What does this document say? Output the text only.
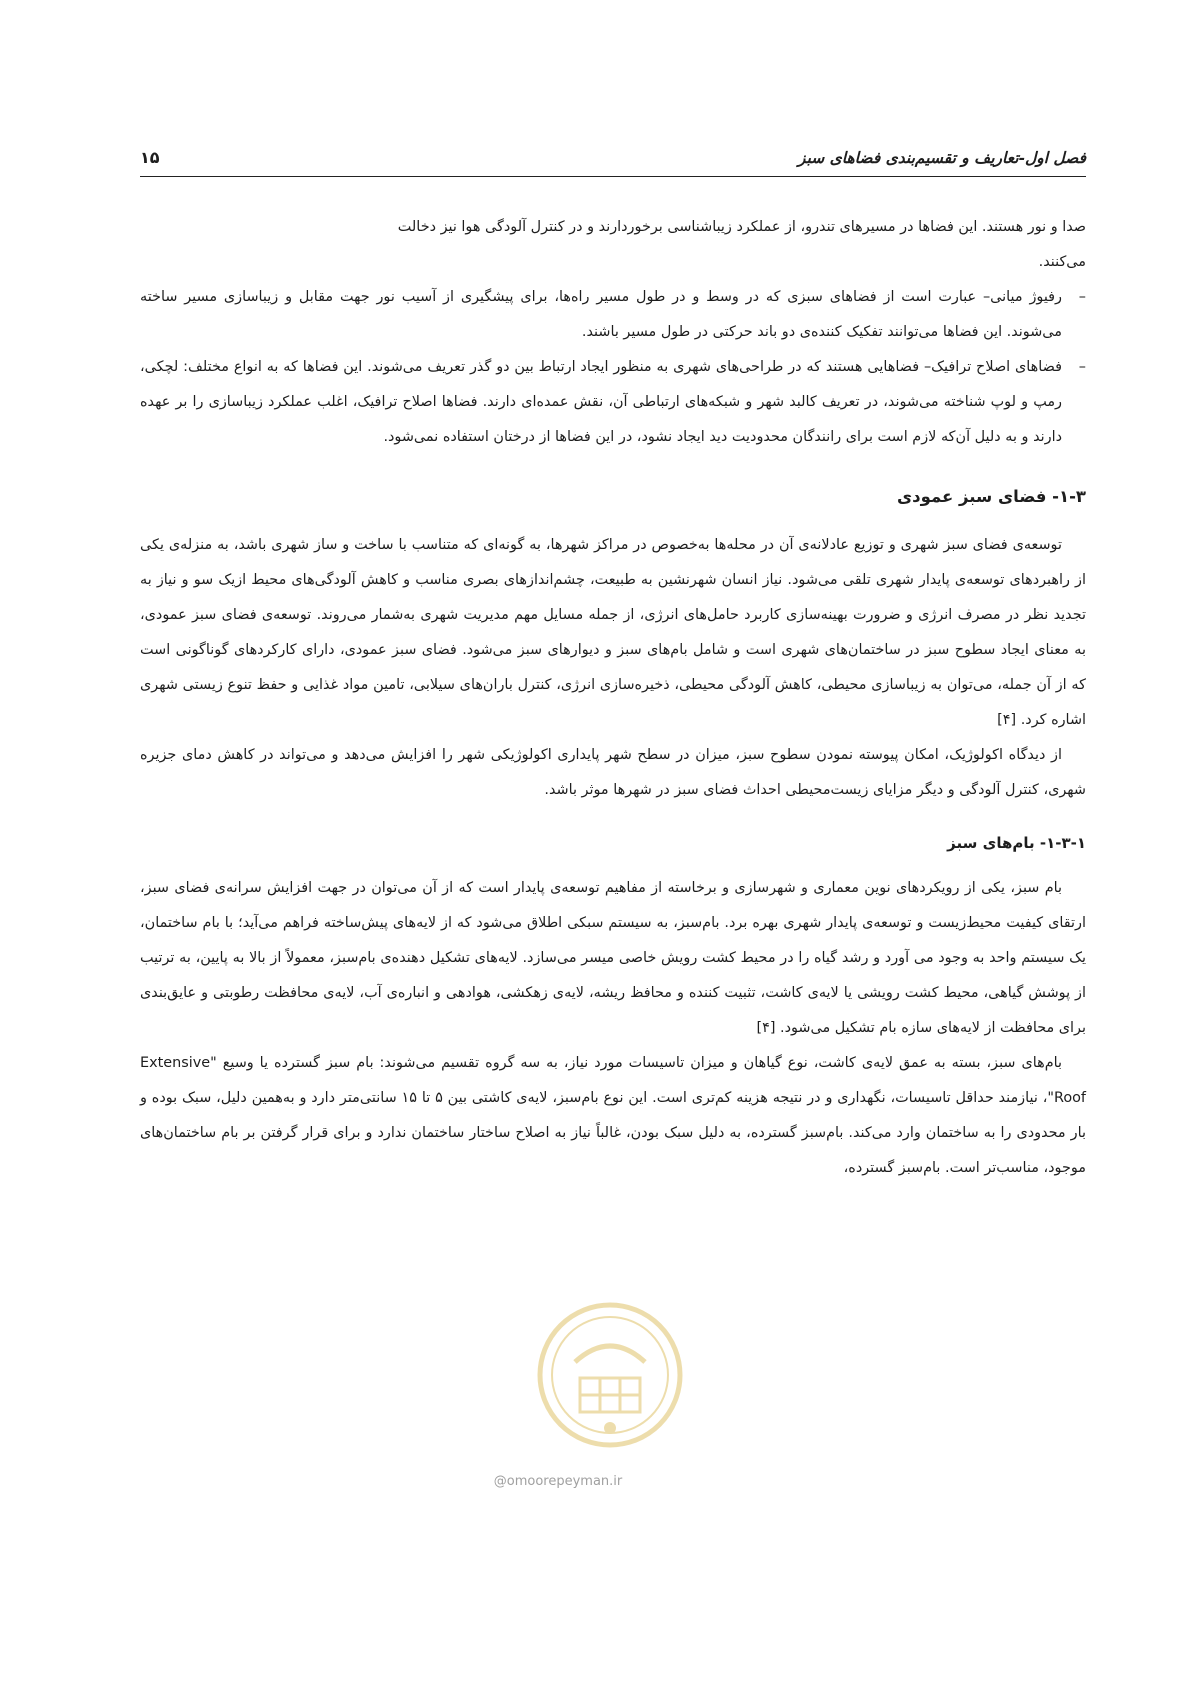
فصل اول-تعاریف و تقسیم‌بندی فضاهای سبز
۱۵

صدا و نور هستند. این فضاها در مسیرهای تندرو، از عملکرد زیباشناسی برخوردارند و در کنترل آلودگی هوا نیز دخالت
می‌کنند.

–
رفیوژ میانی– عبارت است از فضاهای سبزی که در وسط و در طول مسیر راه‌ها، برای پیشگیری از آسیب نور جهت مقابل و زیباسازی مسیر ساخته می‌شوند. این فضاها می‌توانند تفکیک کننده‌ی دو باند حرکتی در طول مسیر باشند.

–
فضاهای اصلاح ترافیک– فضاهایی هستند که در طراحی‌های شهری به منظور ایجاد ارتباط بین دو گذر تعریف می‌شوند. این فضاها که به انواع مختلف: لچکی، رمپ و لوپ شناخته می‌شوند، در تعریف کالبد شهر و شبکه‌های ارتباطی آن، نقش عمده‌ای دارند. فضاها اصلاح ترافیک، اغلب عملکرد زیباسازی را بر عهده دارند و به دلیل آن‌که لازم است برای رانندگان محدودیت دید ایجاد نشود، در این فضاها از درختان استفاده نمی‌شود.

۱-۳- فضای سبز عمودی

توسعه‌ی فضای سبز شهری و توزیع عادلانه‌ی آن در محله‌ها به‌خصوص در مراکز شهرها، به گونه‌ای که متناسب با ساخت و ساز شهری باشد، به منزله‌ی یکی از راهبردهای توسعه‌ی پایدار شهری تلقی می‌شود. نیاز انسان شهرنشین به طبیعت، چشم‌اندازهای بصری مناسب و کاهش آلودگی‌های محیط ازیک سو و نیاز به تجدید نظر در مصرف انرژی و ضرورت بهینه‌سازی کاربرد حامل‌های انرژی، از جمله مسایل مهم مدیریت شهری به‌شمار می‌روند. توسعه‌ی فضای سبز عمودی، به معنای ایجاد سطوح سبز در ساختمان‌های شهری است و شامل بام‌های سبز و دیوارهای سبز می‌شود. فضای سبز عمودی، دارای کارکردهای گوناگونی است که از آن جمله، می‌توان به زیباسازی محیطی، کاهش آلودگی محیطی، ذخیره‌سازی انرژی، کنترل باران‌های سیلابی، تامین مواد غذایی و حفظ تنوع زیستی شهری اشاره کرد. [۴]

از دیدگاه اکولوژیک، امکان پیوسته نمودن سطوح سبز، میزان در سطح شهر پایداری اکولوژیکی شهر را افزایش می‌دهد و می‌تواند در کاهش دمای جزیره شهری، کنترل آلودگی و دیگر مزایای زیست‌محیطی احداث فضای سبز در شهرها موثر باشد.

۱-۳-۱- بام‌های سبز

بام سبز، یکی از رویکردهای نوین معماری و شهرسازی و برخاسته از مفاهیم توسعه‌ی پایدار است که از آن می‌توان در جهت افزایش سرانه‌ی فضای سبز، ارتقای کیفیت محیط‌زیست و توسعه‌ی پایدار شهری بهره برد. بام‌سبز، به سیستم سبکی اطلاق می‌شود که از لایه‌های پیش‌ساخته فراهم می‌آید؛ با بام ساختمان، یک سیستم واحد به وجود می آورد و رشد گیاه را در محیط کشت رویش خاصی میسر می‌سازد. لایه‌های تشکیل دهنده‌ی بام‌سبز، معمولاً از بالا به پایین، به ترتیب از پوشش گیاهی، محیط کشت رویشی یا لایه‌ی کاشت، تثبیت کننده و محافظ ریشه، لایه‌ی زهکشی، هوادهی و انباره‌ی آب، لایه‌ی محافظت رطوبتی و عایق‌بندی برای محافظت از لایه‌های سازه بام تشکیل می‌شود. [۴]

بام‌های سبز، بسته به عمق لایه‌ی کاشت، نوع گیاهان و میزان تاسیسات مورد نیاز، به سه گروه تقسیم می‌شوند: بام سبز گسترده یا وسیع "Extensive Roof"، نیازمند حداقل تاسیسات، نگهداری و در نتیجه هزینه کم‌تری است. این نوع بام‌سبز، لایه‌ی کاشتی بین ۵ تا ۱۵ سانتی‌متر دارد و به‌همین دلیل، سبک بوده و بار محدودی را به ساختمان وارد می‌کند. بام‌سبز گسترده، به دلیل سبک بودن، غالباً نیاز به اصلاح ساختار ساختمان ندارد و برای قرار گرفتن بر بام ساختمان‌های موجود، مناسب‌تر است. بام‌سبز گسترده،

@omoorepeyman.ir
